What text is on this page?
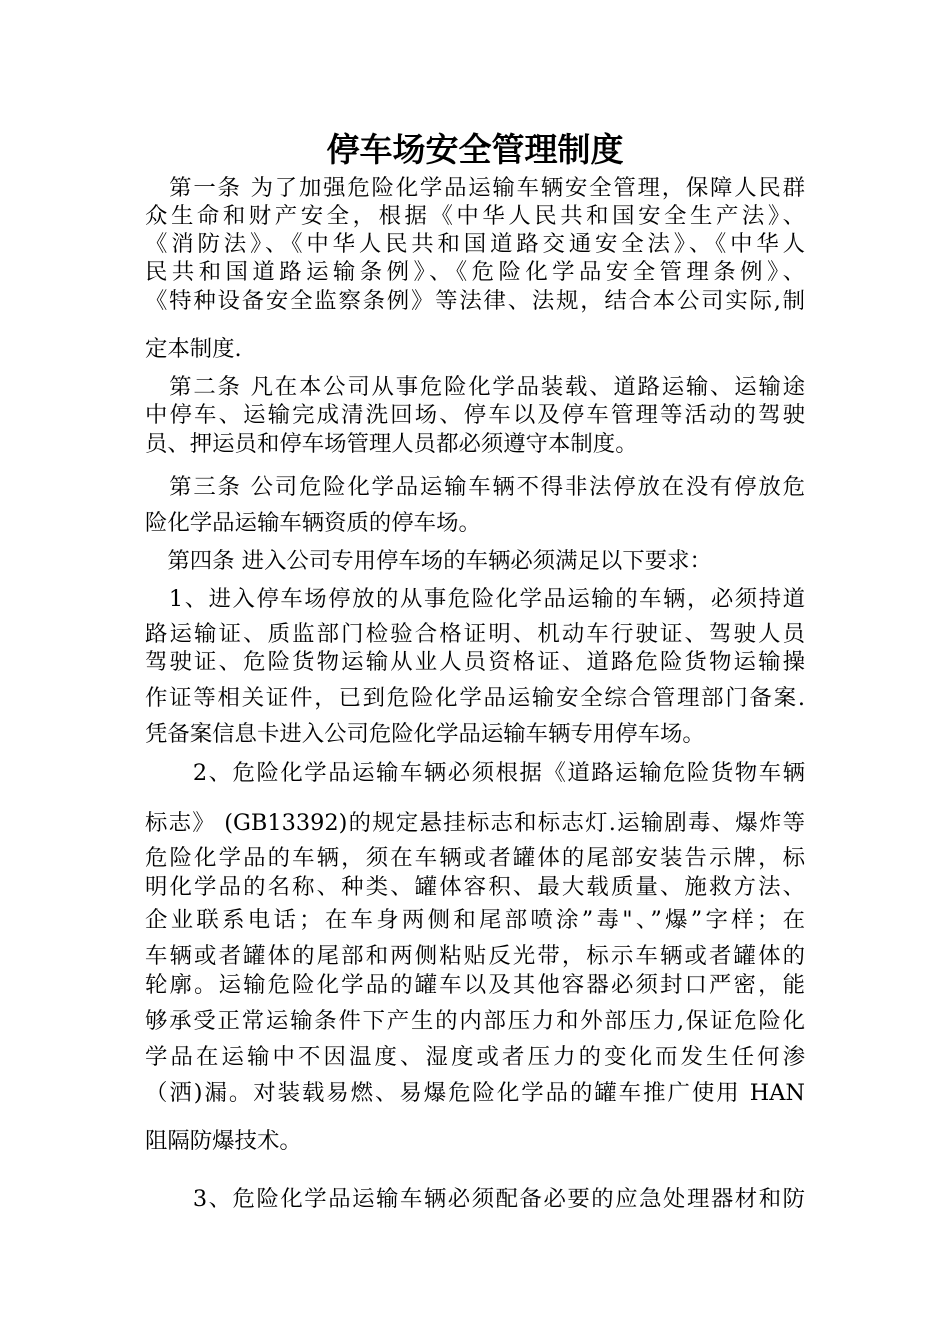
停车场安全管理制度

　第一条 为了加强危险化学品运输车辆安全管理，保障人民群

众生命和财产安全，根据《中华人民共和国安全生产法》、

《消防法》、《中华人民共和国道路交通安全法》、《中华人

民共和国道路运输条例》、《危险化学品安全管理条例》、

《特种设备安全监察条例》等法律、法规，结合本公司实际,制

定本制度.

　第二条 凡在本公司从事危险化学品装载、道路运输、运输途

中停车、运输完成清洗回场、停车以及停车管理等活动的驾驶

员、押运员和停车场管理人员都必须遵守本制度。

　第三条 公司危险化学品运输车辆不得非法停放在没有停放危

险化学品运输车辆资质的停车场。

　第四条 进入公司专用停车场的车辆必须满足以下要求：

　1、进入停车场停放的从事危险化学品运输的车辆，必须持道

路运输证、质监部门检验合格证明、机动车行驶证、驾驶人员

驾驶证、危险货物运输从业人员资格证、道路危险货物运输操

作证等相关证件，已到危险化学品运输安全综合管理部门备案.

凭备案信息卡进入公司危险化学品运输车辆专用停车场。

　　2、危险化学品运输车辆必须根据《道路运输危险货物车辆

标志》 (GB13392)的规定悬挂标志和标志灯.运输剧毒、爆炸等

危险化学品的车辆，须在车辆或者罐体的尾部安装告示牌，标

明化学品的名称、种类、罐体容积、最大载质量、施救方法、

企业联系电话；在车身两侧和尾部喷涂”毒"、”爆”字样；在

车辆或者罐体的尾部和两侧粘贴反光带，标示车辆或者罐体的

轮廓。运输危险化学品的罐车以及其他容器必须封口严密，能

够承受正常运输条件下产生的内部压力和外部压力,保证危险化

学品在运输中不因温度、湿度或者压力的变化而发生任何渗

（洒)漏。对装载易燃、易爆危险化学品的罐车推广使用 HAN

阻隔防爆技术。

　　3、危险化学品运输车辆必须配备必要的应急处理器材和防
